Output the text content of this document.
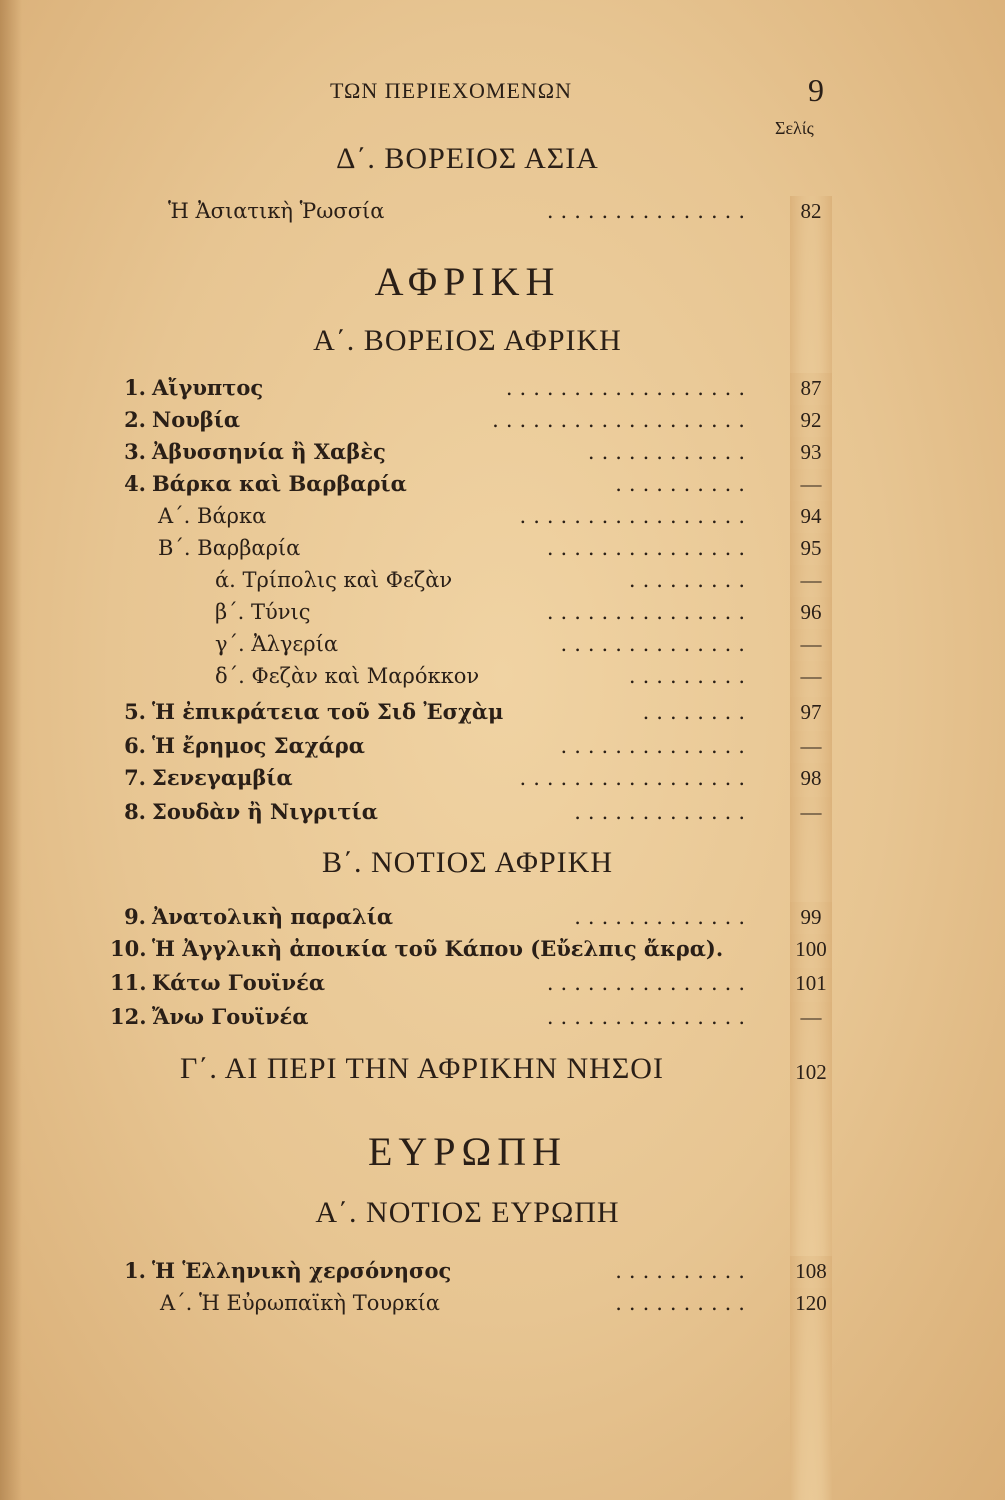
ΤΩΝ ΠΕΡΙΕΧΟΜΕΝΩΝ	9
Σελίς
Δ΄. ΒΟΡΕΙΟΣ ΑΣΙΑ
Ἡ Ἀσιατικὴ Ῥωσσία	...............	82
ΑΦΡΙΚΗ
Α΄. ΒΟΡΕΙΟΣ ΑΦΡΙΚΗ
1. Αἴγυπτος	..................	87
2. Νουβία	...................	92
3. Ἀβυσσηνία ἢ Χαβὲς	............	93
4. Βάρκα καὶ Βαρβαρία	..........	—
Α΄. Βάρκα	.................	94
Β΄. Βαρβαρία	...............	95
ά. Τρίπολις καὶ Φεζὰν	.........	—
β΄. Τύνις	...............	96
γ΄. Ἀλγερία	..............	—
δ΄. Φεζὰν καὶ Μαρόκκον	.........	—
5. Ἡ ἐπικράτεια τοῦ Σιδ Ἐσχὰμ	........	97
6. Ἡ ἔρημος Σαχάρα	..............	—
7. Σενεγαμβία	.................	98
8. Σουδὰν ἢ Νιγριτία	.............	—
Β΄. ΝΟΤΙΟΣ ΑΦΡΙΚΗ
9. Ἀνατολικὴ παραλία	.............	99
10. Ἡ Ἀγγλικὴ ἀποικία τοῦ Κάπου (Εὔελπις ἄκρα).	100
11. Κάτω Γουϊνέα	............... 101
12. Ἄνω Γουϊνέα	...............	—
Γ΄. ΑΙ ΠΕΡΙ ΤΗΝ ΑΦΡΙΚΗΝ ΝΗΣΟΙ	102
ΕΥΡΩΠΗ
Α΄. ΝΟΤΙΟΣ ΕΥΡΩΠΗ
1. Ἡ Ἑλληνικὴ χερσόνησος	.......... 108
Α΄. Ἡ Εὐρωπαϊκὴ Τουρκία	.......... 120
